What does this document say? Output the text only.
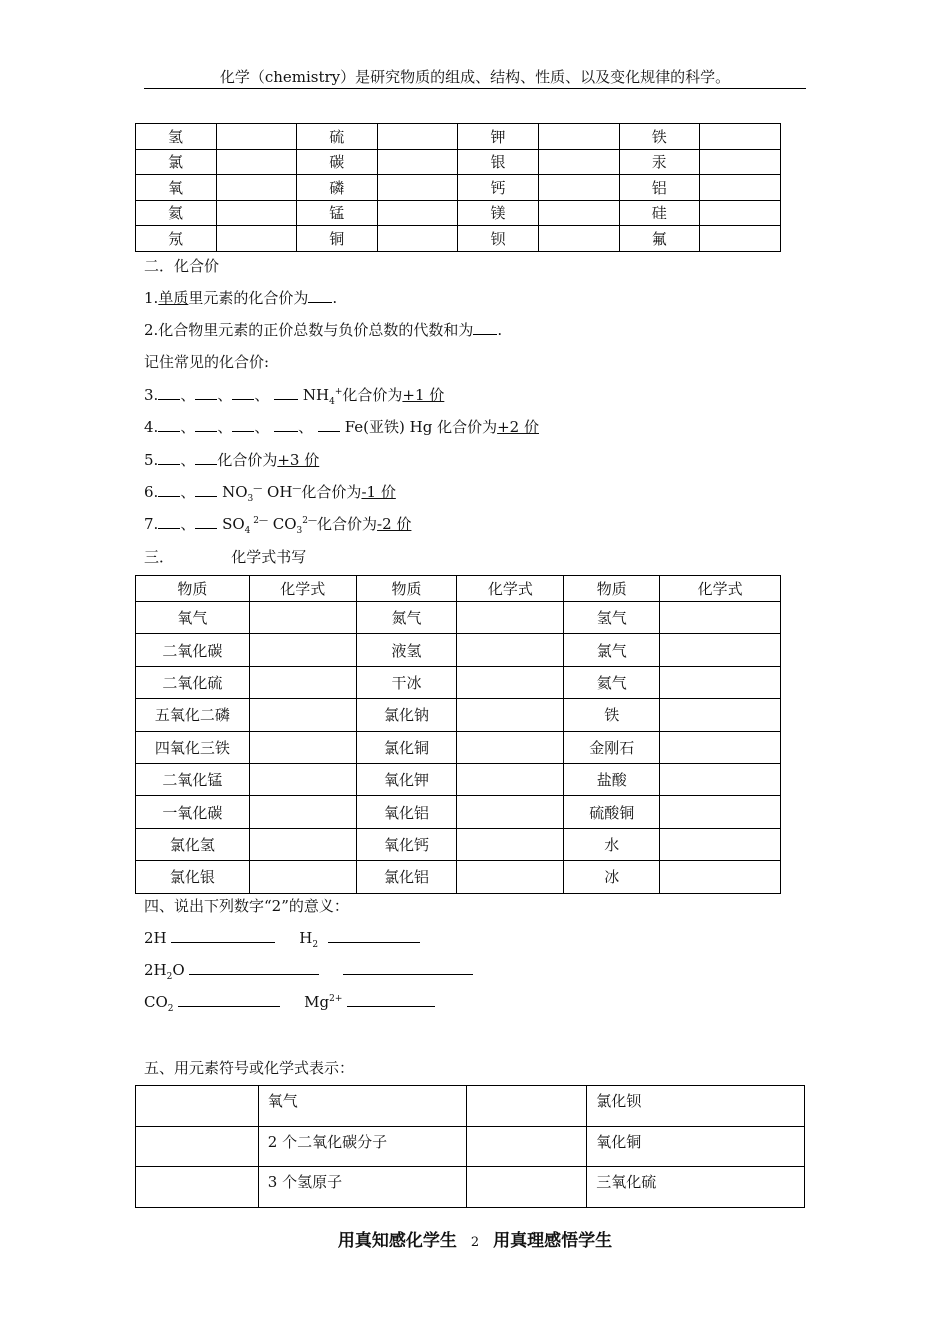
化学（chemistry）是研究物质的组成、结构、性质、以及变化规律的科学。
氢		硫		钾		铁	
氯		碳		银		汞	
氧		磷		钙		铝	
氦		锰		镁		硅	
氖		铜		钡		氟	
二．化合价
1.单质里元素的化合价为 .
2.化合物里元素的正价总数与负价总数的代数和为 .
记住常见的化合价:
3. 、 、 、  $NH_4^+$化合价为+1 价
4. 、 、 、 、  Fe(亚铁) Hg 化合价为+2 价
5. 、 化合价为+3 价
6. 、 $NO_3^—$ OH—化合价为-1 价
7. 、 $SO_4$ $^{2—}$ $CO_3^{2—}$化合价为-2 价
三．            化学式书写
物质	化学式	物质	化学式	物质	化学式
氧气		氮气		氢气	
二氧化碳		液氢		氯气	
二氧化硫		干冰		氦气	
五氧化二磷		氯化钠		铁	
四氧化三铁		氯化铜		金刚石	
二氧化锰		氧化钾		盐酸	
一氧化碳		氧化铝		硫酸铜	
氯化氢		氧化钙		水	
氯化银		氯化铝		冰	
四、说出下列数字“2”的意义：
2H	$H_2$
$2H_2O$
$CO_2$	$Mg^{2+}$
五、用元素符号或化学式表示：
	氧气		氯化钡
	2 个二氧化碳分子		氧化铜
	3 个氢原子		三氧化硫
用真知感化学生 2 用真理感悟学生
